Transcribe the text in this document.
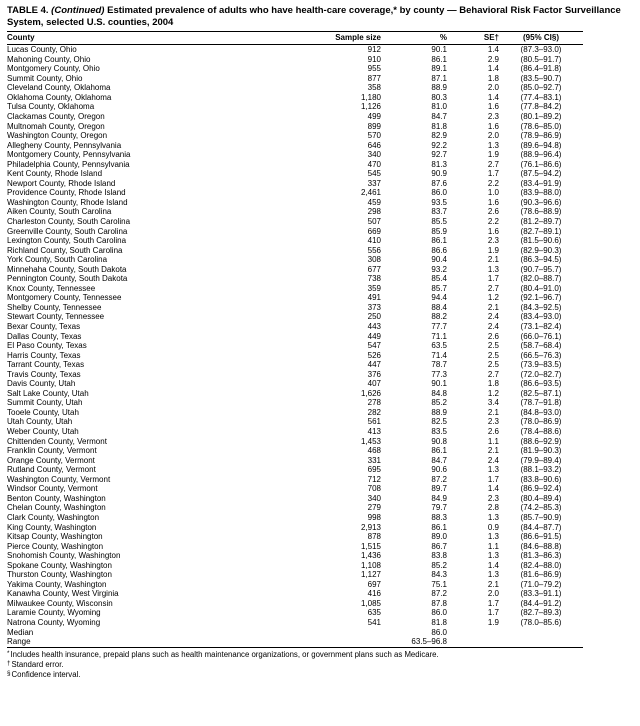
TABLE 4. (Continued) Estimated prevalence of adults who have health-care coverage,* by county — Behavioral Risk Factor Surveillance System, selected U.S. counties, 2004
County	Sample size	%	SE†	(95% CI§)
Lucas County, Ohio	912	90.1	1.4	(87.3–93.0)
Mahoning County, Ohio	910	86.1	2.9	(80.5–91.7)
Montgomery County, Ohio	955	89.1	1.4	(86.4–91.8)
Summit County, Ohio	877	87.1	1.8	(83.5–90.7)
Cleveland County, Oklahoma	358	88.9	2.0	(85.0–92.7)
Oklahoma County, Oklahoma	1,180	80.3	1.4	(77.4–83.1)
Tulsa County, Oklahoma	1,126	81.0	1.6	(77.8–84.2)
Clackamas County, Oregon	499	84.7	2.3	(80.1–89.2)
Multnomah County, Oregon	899	81.8	1.6	(78.6–85.0)
Washington County, Oregon	570	82.9	2.0	(78.9–86.9)
Allegheny County, Pennsylvania	646	92.2	1.3	(89.6–94.8)
Montgomery County, Pennsylvania	340	92.7	1.9	(88.9–96.4)
Philadelphia County, Pennsylvania	470	81.3	2.7	(76.1–86.6)
Kent County, Rhode Island	545	90.9	1.7	(87.5–94.2)
Newport County, Rhode Island	337	87.6	2.2	(83.4–91.9)
Providence County, Rhode Island	2,461	86.0	1.0	(83.9–88.0)
Washington County, Rhode Island	459	93.5	1.6	(90.3–96.6)
Aiken County, South Carolina	298	83.7	2.6	(78.6–88.9)
Charleston County, South Carolina	507	85.5	2.2	(81.2–89.7)
Greenville County, South Carolina	669	85.9	1.6	(82.7–89.1)
Lexington County, South Carolina	410	86.1	2.3	(81.5–90.6)
Richland County, South Carolina	556	86.6	1.9	(82.9–90.3)
York County, South Carolina	308	90.4	2.1	(86.3–94.5)
Minnehaha County, South Dakota	677	93.2	1.3	(90.7–95.7)
Pennington County, South Dakota	738	85.4	1.7	(82.0–88.7)
Knox County, Tennessee	359	85.7	2.7	(80.4–91.0)
Montgomery County, Tennessee	491	94.4	1.2	(92.1–96.7)
Shelby County, Tennessee	373	88.4	2.1	(84.3–92.5)
Stewart County, Tennessee	250	88.2	2.4	(83.4–93.0)
Bexar County, Texas	443	77.7	2.4	(73.1–82.4)
Dallas County, Texas	449	71.1	2.6	(66.0–76.1)
El Paso County, Texas	547	63.5	2.5	(58.7–68.4)
Harris County, Texas	526	71.4	2.5	(66.5–76.3)
Tarrant County, Texas	447	78.7	2.5	(73.9–83.5)
Travis County, Texas	376	77.3	2.7	(72.0–82.7)
Davis County, Utah	407	90.1	1.8	(86.6–93.5)
Salt Lake County, Utah	1,626	84.8	1.2	(82.5–87.1)
Summit County, Utah	278	85.2	3.4	(78.7–91.8)
Tooele County, Utah	282	88.9	2.1	(84.8–93.0)
Utah County, Utah	561	82.5	2.3	(78.0–86.9)
Weber County, Utah	413	83.5	2.6	(78.4–88.6)
Chittenden County, Vermont	1,453	90.8	1.1	(88.6–92.9)
Franklin County, Vermont	468	86.1	2.1	(81.9–90.3)
Orange County, Vermont	331	84.7	2.4	(79.9–89.4)
Rutland County, Vermont	695	90.6	1.3	(88.1–93.2)
Washington County, Vermont	712	87.2	1.7	(83.8–90.6)
Windsor County, Vermont	708	89.7	1.4	(86.9–92.4)
Benton County, Washington	340	84.9	2.3	(80.4–89.4)
Chelan County, Washington	279	79.7	2.8	(74.2–85.3)
Clark County, Washington	998	88.3	1.3	(85.7–90.9)
King County, Washington	2,913	86.1	0.9	(84.4–87.7)
Kitsap County, Washington	878	89.0	1.3	(86.6–91.5)
Pierce County, Washington	1,515	86.7	1.1	(84.6–88.8)
Snohomish County, Washington	1,436	83.8	1.3	(81.3–86.3)
Spokane County, Washington	1,108	85.2	1.4	(82.4–88.0)
Thurston County, Washington	1,127	84.3	1.3	(81.6–86.9)
Yakima County, Washington	697	75.1	2.1	(71.0–79.2)
Kanawha County, West Virginia	416	87.2	2.0	(83.3–91.1)
Milwaukee County, Wisconsin	1,085	87.8	1.7	(84.4–91.2)
Laramie County, Wyoming	635	86.0	1.7	(82.7–89.3)
Natrona County, Wyoming	541	81.8	1.9	(78.0–85.6)
Median		86.0		
Range		63.5–96.8		
*Includes health insurance, prepaid plans such as health maintenance organizations, or government plans such as Medicare.
†Standard error.
§Confidence interval.
